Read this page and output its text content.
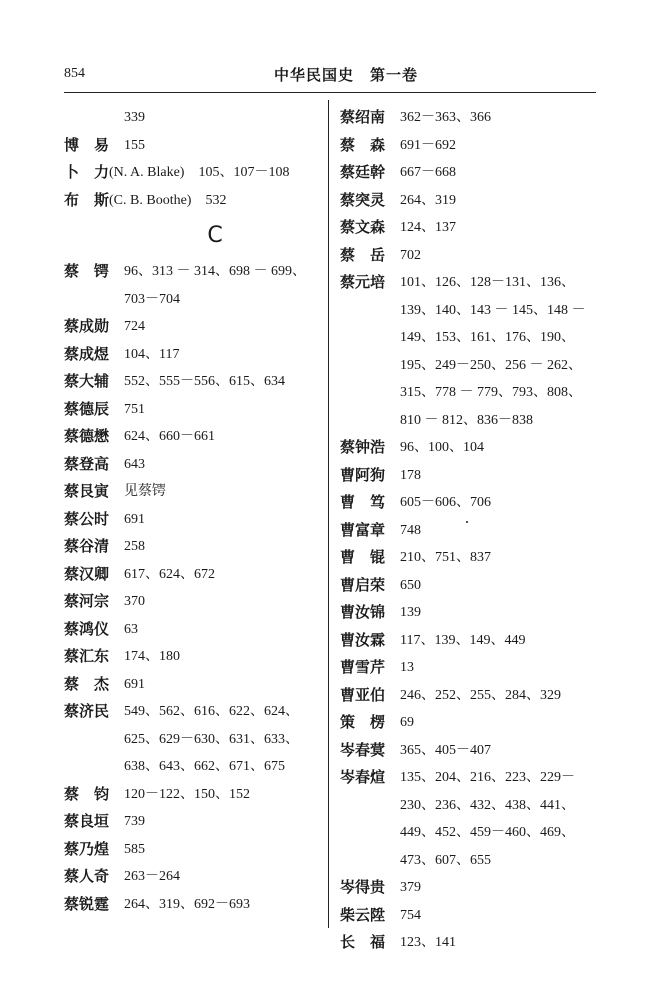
854	中华民国史　第一卷
339
博　易	155
卜　力 (N. A. Blake)　105、107－108
布　斯 (C. B. Boothe)　532
C
蔡　锷	96、313 － 314、698 － 699、703－704
蔡成勋	724
蔡成煜	104、117
蔡大辅	552、555－556、615、634
蔡德辰	751
蔡德懋	624、660－661
蔡登高	643
蔡艮寅	见蔡锷
蔡公时	691
蔡谷清	258
蔡汉卿	617、624、672
蔡河宗	370
蔡鸿仪	63
蔡汇东	174、180
蔡　杰	691
蔡济民	549、562、616、622、624、625、629－630、631、633、638、643、662、671、675
蔡　钧	120－122、150、152
蔡良垣	739
蔡乃煌	585
蔡人奇	263－264
蔡锐霆	264、319、692－693
蔡绍南	362－363、366
蔡　森	691－692
蔡廷幹	667－668
蔡突灵	264、319
蔡文森	124、137
蔡　岳	702
蔡元培	101、126、128－131、136、139、140、143 － 145、148 － 149、153、161、176、190、195、249－250、256 － 262、315、778 － 779、793、808、810 － 812、836－838
蔡钟浩	96、100、104
曹阿狗	178
曹　笃	605－606、706
曹富章	748
曹　锟	210、751、837
曹启荣	650
曹汝锦	139
曹汝霖	117、139、149、449
曹雪芹	13
曹亚伯	246、252、255、284、329
策　楞	69
岑春蓂	365、405－407
岑春煊	135、204、216、223、229－230、236、432、438、441、449、452、459－460、469、473、607、655
岑得贵	379
柴云陞	754
长　福	123、141
